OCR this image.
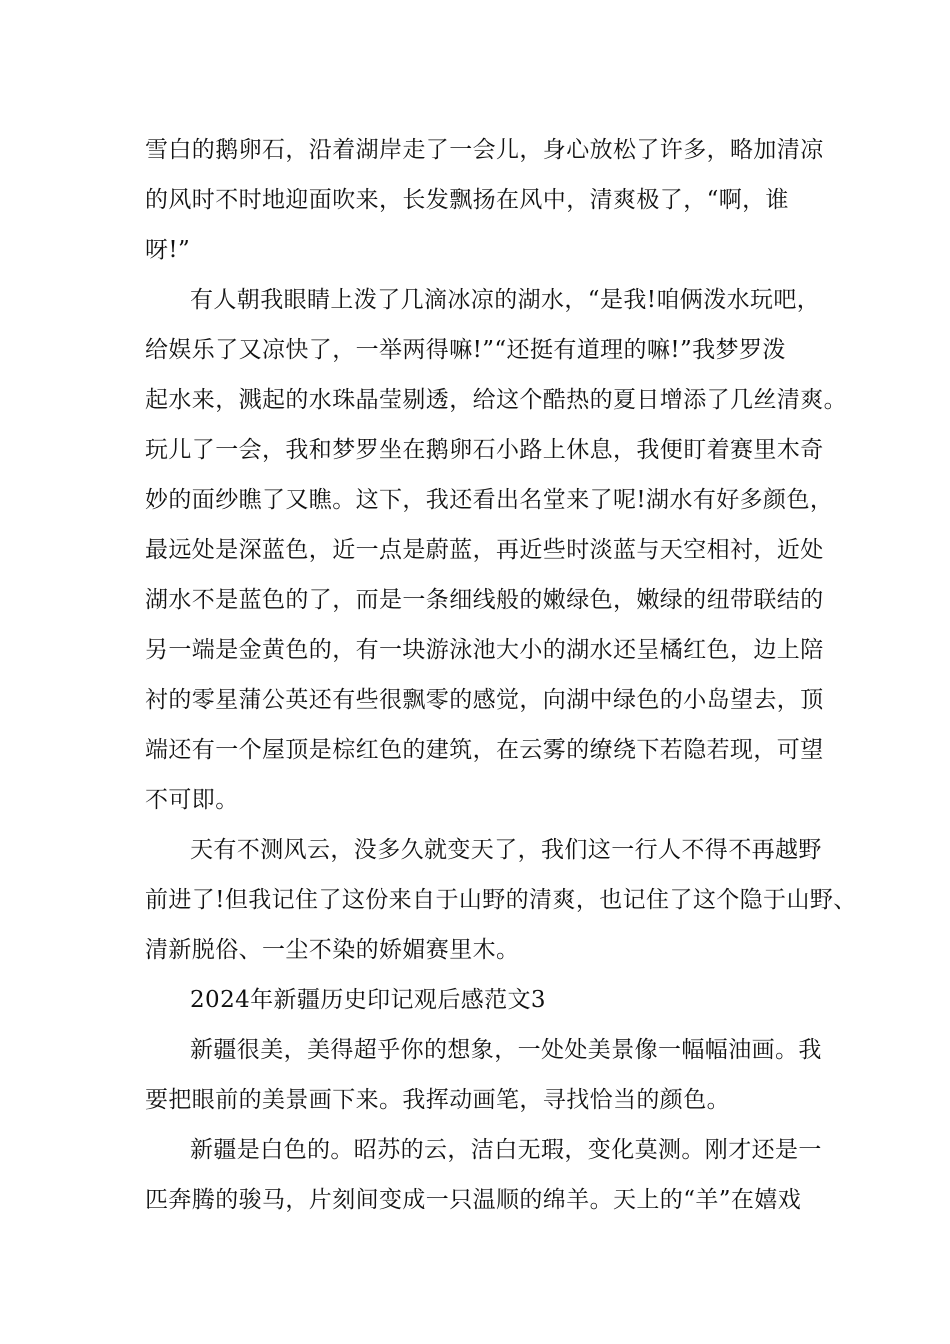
雪白的鹅卵石，沿着湖岸走了一会儿，身心放松了许多，略加清凉
的风时不时地迎面吹来，长发飘扬在风中，清爽极了，“啊，谁
呀!”
有人朝我眼睛上泼了几滴冰凉的湖水，“是我!咱俩泼水玩吧，
给娱乐了又凉快了，一举两得嘛!”“还挺有道理的嘛!”我梦罗泼
起水来，溅起的水珠晶莹剔透，给这个酷热的夏日增添了几丝清爽。
玩儿了一会，我和梦罗坐在鹅卵石小路上休息，我便盯着赛里木奇
妙的面纱瞧了又瞧。这下，我还看出名堂来了呢!湖水有好多颜色，
最远处是深蓝色，近一点是蔚蓝，再近些时淡蓝与天空相衬，近处
湖水不是蓝色的了，而是一条细线般的嫩绿色，嫩绿的纽带联结的
另一端是金黄色的，有一块游泳池大小的湖水还呈橘红色，边上陪
衬的零星蒲公英还有些很飘零的感觉，向湖中绿色的小岛望去，顶
端还有一个屋顶是棕红色的建筑，在云雾的缭绕下若隐若现，可望
不可即。
天有不测风云，没多久就变天了，我们这一行人不得不再越野
前进了!但我记住了这份来自于山野的清爽，也记住了这个隐于山野、
清新脱俗、一尘不染的娇媚赛里木。
2024年新疆历史印记观后感范文3
新疆很美，美得超乎你的想象，一处处美景像一幅幅油画。我
要把眼前的美景画下来。我挥动画笔，寻找恰当的颜色。
新疆是白色的。昭苏的云，洁白无瑕，变化莫测。刚才还是一
匹奔腾的骏马，片刻间变成一只温顺的绵羊。天上的“羊”在嬉戏
